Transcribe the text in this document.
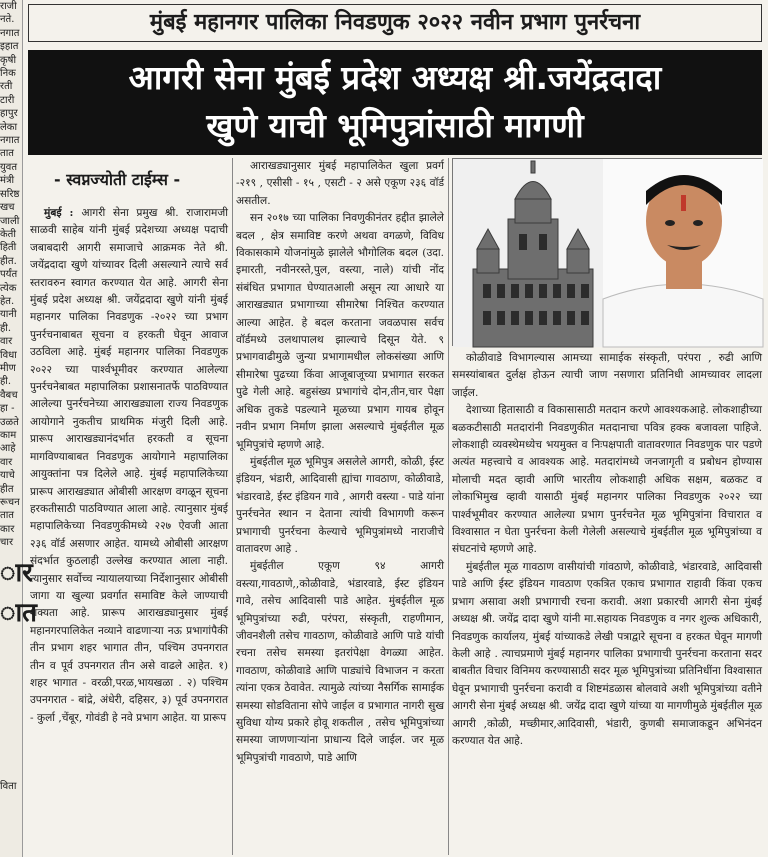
राजी
नते.
नगात
इहात
कृषी
निक
रती
टारी
हापुर
लेका
नगात
तात
युवत
मंत्री
सरिष्ठ
खच
जाली
केती
हिती
हीत.
पर्यंत
त्येक
हेत.
यानी
ही.
वार
विधा
मीण
ही.
वैबच
हा -
उळते
काम
आहे
वार
याचे
हीत
रूचन
तात
कार
चार
ार
ात
विता
मुंबई महानगर पालिका निवडणुक २०२२ नवीन प्रभाग पुनर्रचना
आगरी सेना मुंबई प्रदेश अध्यक्ष श्री.जयेंद्रदादा
खुणे याची भूमिपुत्रांसाठी मागणी
- स्वप्नज्योती टाईम्स -

मुंबई : आगरी सेना प्रमुख श्री. राजारामजी साळवी साहेब यांनी मुंबई प्रदेशच्या अध्यक्ष पदाची जबाबदारी आगरी समाजाचे आक्रमक नेते श्री. जयेंद्रदादा खुणे यांच्यावर दिली असल्याने त्याचे सर्व स्तरावरुन स्वागत करण्यात येत आहे. आगरी सेना मुंबई प्रदेश अध्यक्ष श्री. जयेंद्रदादा खुणे यांनी मुंबई महानगर पालिका निवडणुक -२०२२ च्या प्रभाग पुनर्रचनाबाबत सूचना व हरकती घेवून आवाज उठविला आहे. मुंबई महानगर पालिका निवडणुक २०२२ च्या पार्श्वभूमीवर करण्यात आलेल्या पुनर्रचनेबाबत महापालिका प्रशासनातर्फे पाठविण्यात आलेल्या पुनर्रचनेच्या आराखड्याला राज्य निवडणुक आयोगाने नुकतीच प्राथमिक मंजुरी दिली आहे. प्रारूप आराखड्यानंदर्भात हरकती व सूचना मागविण्याबाबत निवडणुक आयोगाने महापालिका आयुक्तांना पत्र दिलेले आहे. मुंबई महापालिकेच्या प्रारूप आराखड्यात ओबीसी आरक्षण वगळून सूचना हरकतीसाठी पाठविण्यात आला आहे. त्यानुसार मुंबई महापालिकेच्या निवडणुकीमध्ये २२७ ऐवजी आता २३६ वॉर्ड असणार आहेत. यामध्ये ओबीसी आरक्षण संदर्भात कुठलाही उल्लेख करण्यात आला नाही. त्यानुसार सर्वोच्च न्यायालयाच्या निर्देशानुसार ओबीसी जागा या खुल्या प्रवर्गात समाविष्ट केले जाण्याची शक्यता आहे. प्रारूप आराखड्यानुसार मुंबई महानगरपालिकेत नव्याने वाढणाऱ्या नऊ प्रभागांपैकी तीन प्रभाग शहर भागात तीन, पश्चिम उपनगरात तीन व पूर्व उपनगरात तीन असे वाढले आहेत. १) शहर भागात - वरळी,परळ,भायखळा . २) पश्चिम उपनगरात - बांद्रे, अंधेरी, दहिसर, ३) पूर्व उपनगरात - कुर्ला ,चेंबूर, गोवंडी हे नवे प्रभाग आहेत. या प्रारूप

आराखड्यानुसार मुंबई महापालिकेत खुला प्रवर्ग -२१९ , एसीसी - १५ , एसटी - २ असे एकूण २३६ वॉर्ड असतील.

सन २०१७ च्या पालिका निवणुकीनंतर हद्दीत झालेले बदल , क्षेत्र समाविष्ट करणे अथवा वगळणे, विविध विकासकामे योजनांमुळे झालेले भौगोलिक बदल (उदा. इमारती, नवीनरस्ते,पुल, वस्त्या, नाले) यांची नोंद संबंधित प्रभागात घेण्यातआली असून त्या आधारे या आराखड्यात प्रभागाच्या सीमारेषा निश्चित करण्यात आल्या आहेत. हे बदल करताना जवळपास सर्वच वॉर्डमध्ये उलथापालथ झाल्याचे दिसून येते. ९ प्रभागवाढीमुळे जुन्या प्रभागामधील लोकसंख्या आणि सीमारेषा पुढच्या किंवा आजूबाजूच्या प्रभागात सरकत पुढे गेली आहे. बहुसंख्य प्रभागांचे दोन,तीन,चार पेक्षा अधिक तुकडे पडल्याने मूळच्या प्रभाग गायब होवून नवीन प्रभाग निर्माण झाला असल्याचे मुंबईतील मूळ भूमिपुत्रांचे म्हणणे आहे.

मुंबईतील मूळ भूमिपुत्र असलेले आगरी, कोळी, ईस्ट इंडियन, भंडारी, आदिवासी ह्यांचा गावठाण, कोळीवाडे, भंडारवाडे, ईस्ट इंडियन गावे , आगरी वस्त्या - पाडे यांना पुनर्रचनेत स्थान न देताना त्यांची विभागणी करून प्रभागाची पुनर्रचना केल्याचे भूमिपुत्रांमध्ये नाराजीचे वातावरण आहे .

मुंबईतील एकूण ९४ आगरी वस्त्या,गावठाणे,,कोळीवाडे, भंडारवाडे, ईस्ट इंडियन गावे, तसेच आदिवासी पाडे आहेत. मुंबईतील मूळ भूमिपुत्रांच्या रुढी, परंपरा, संस्कृती, राहणीमान, जीवनशैली तसेच गावठाण, कोळीवाडे आणि पाडे यांची रचना तसेच समस्या इतरांपेक्षा वेगळ्या आहेत. गावठाण, कोळीवाडे आणि पाड्यांचे विभाजन न करता त्यांना एकत्र ठेवावेत. त्यामुळे त्यांच्या नैसर्गिक सामाईक समस्या सोडविताना सोपे जाईल व प्रभागात नागरी सुख सुविधा योग्य प्रकारे होवू शकतील , तसेच भूमिपुत्रांच्या समस्या जाणणाऱ्यांना प्राधान्य दिले जाईल. जर मूळ भूमिपुत्रांची गावठाणे, पाडे आणि

कोळीवाडे विभागल्यास आमच्या सामाईक संस्कृती, परंपरा , रुढी आणि समस्यांबाबत दुर्लक्ष होऊन त्याची जाण नसणारा प्रतिनिधी आमच्यावर लादला जाईल.

देशाच्या हितासाठी व विकासासाठी मतदान करणे आवश्यकआहे. लोकशाहीच्या बळकटीसाठी मतदारांनी निवडणुकीत मतदानाचा पवित्र हक्क बजावला पाहिजे. लोकशाही व्यवस्थेमध्येच भयमुक्त व निःपक्षपाती वातावरणात निवडणुक पार पडणे अत्यंत महत्त्वाचे व आवश्यक आहे. मतदारांमध्ये जनजागृती व प्रबोधन होण्यास मोलाची मदत व्हावी आणि भारतीय लोकशाही अधिक सक्षम, बळकट व लोकाभिमुख व्हावी यासाठी मुंबई महानगर पालिका निवडणुक २०२२ च्या पार्श्वभूमीवर करण्यात आलेल्या प्रभाग पुनर्रचनेत मूळ भूमिपुत्रांना विचारात व विश्वासात न घेता पुनर्रचना केली गेलेली असल्याचे मुंबईतील मूळ भूमिपुत्रांच्या व संघटनांचे म्हणणे आहे.

मुंबईतील मूळ गावठाण वासीयांची गांवठाणे, कोळीवाडे, भंडारवाडे, आदिवासी पाडे आणि ईस्ट इंडियन गावठाण एकत्रित एकाच प्रभागात राहावी किंवा एकच प्रभाग असावा अशी प्रभागाची रचना करावी. अशा प्रकारची आगरी सेना मुंबई अध्यक्ष श्री. जयेंद्र दादा खुणे यांनी मा.सहायक निवडणुक व नगर शुल्क अधिकारी, निवडणुक कार्यालय, मुंबई यांच्याकडे लेखी पत्राद्वारे सूचना व हरकत घेवून मागणी केली आहे . त्याचप्रमाणे मुंबई महानगर पालिका प्रभागाची पुनर्रचना करताना सदर बाबतीत विचार विनिमय करण्यासाठी सदर मूळ भूमिपुत्रांच्या प्रतिनिधींना विश्वासात घेवून प्रभागाची पुनर्रचना करावी व शिष्टमंडळास बोलवावे अशी भूमिपुत्रांच्या वतीने आगरी सेना मुंबई अध्यक्ष श्री. जयेंद्र दादा खुणे यांच्या या मागणीमुळे मुंबईतील मूळ आगरी ,कोळी, मच्छीमार,आदिवासी, भंडारी, कुणबी समाजाकडून अभिनंदन करण्यात येत आहे.
